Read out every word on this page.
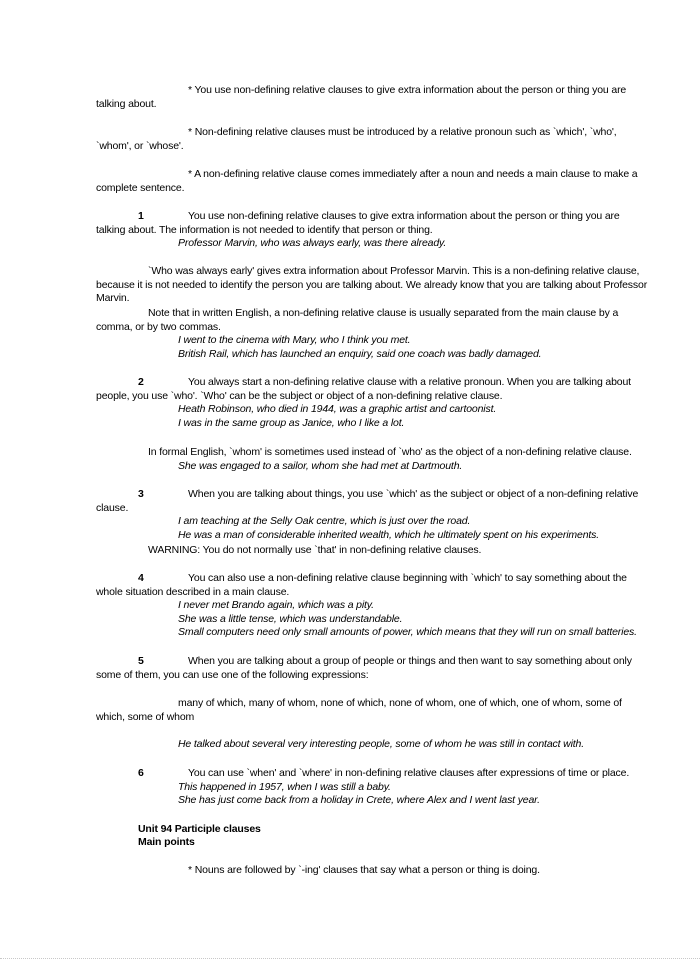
* You use non-defining relative clauses to give extra information about the person or thing you are talking about.

* Non-defining relative clauses must be introduced by a relative pronoun such as `which', `who', `whom', or `whose'.

* A non-defining relative clause comes immediately after a noun and needs a main clause to make a complete sentence.

1	You use non-defining relative clauses to give extra information about the person or thing you are talking about. The information is not needed to identify that person or thing.
Professor Marvin, who was always early, was there already.

`Who was always early' gives extra information about Professor Marvin. This is a non-defining relative clause, because it is not needed to identify the person you are talking about. We already know that you are talking about Professor Marvin.

Note that in written English, a non-defining relative clause is usually separated from the main clause by a comma, or by two commas.
I went to the cinema with Mary, who I think you met.
British Rail, which has launched an enquiry, said one coach was badly damaged.
2	You always start a non-defining relative clause with a relative pronoun. When you are talking about people, you use `who'. `Who' can be the subject or object of a non-defining relative clause.
Heath Robinson, who died in 1944, was a graphic artist and cartoonist.
I was in the same group as Janice, who I like a lot.
In formal English, `whom' is sometimes used instead of `who' as the object of a non-defining relative clause.
She was engaged to a sailor, whom she had met at Dartmouth.
3	When you are talking about things, you use `which' as the subject or object of a non-defining relative clause.
I am teaching at the Selly Oak centre, which is just over the road.
He was a man of considerable inherited wealth, which he ultimately spent on his experiments.

WARNING: You do not normally use `that' in non-defining relative clauses.

4	You can also use a non-defining relative clause beginning with `which' to say something about the whole situation described in a main clause.
I never met Brando again, which was a pity.
She was a little tense, which was understandable.
Small computers need only small amounts of power, which means that they will run on small batteries.
5	When you are talking about a group of people or things and then want to say something about only some of them, you can use one of the following expressions:

many of which, many of whom, none of which, none of whom, one of which, one of whom, some of which, some of whom

He talked about several very interesting people, some of whom he was still in contact with.
6	You can use `when' and `where' in non-defining relative clauses after expressions of time or place.
This happened in 1957, when I was still a baby.
She has just come back from a holiday in Crete, where Alex and I went last year.

Unit 94 Participle clauses

Main points

* Nouns are followed by `-ing' clauses that say what a person or thing is doing.
